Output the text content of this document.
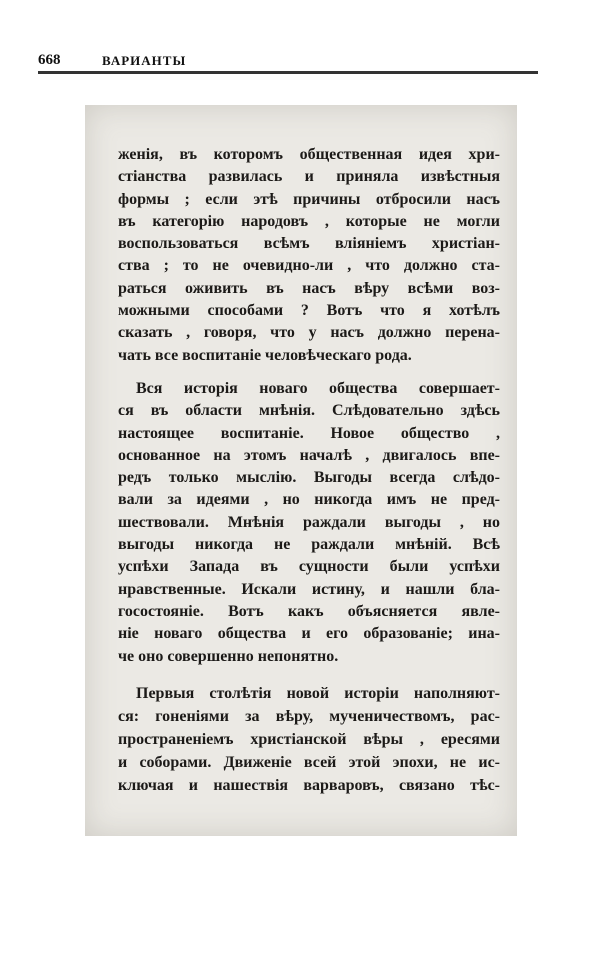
668	ВАРИАНТЫ
женія, въ которомъ общественная идея хри-
стіанства развилась и приняла извѣстныя
формы ; если этѣ причины отбросили насъ
въ категорію народовъ , которые не могли
воспользоваться всѣмъ вліяніемъ христіан-
ства ; то не очевидно-ли , что должно ста-
раться оживить въ насъ вѣру всѣми воз-
можными способами ? Вотъ что я хотѣлъ
сказать , говоря, что у насъ должно перена-
чать все воспитаніе человѣческаго рода.
Вся исторія новаго общества совершает-
ся въ области мнѣнія. Слѣдовательно здѣсь
настоящее воспитаніе. Новое общество ,
основанное на этомъ началѣ , двигалось впе-
редъ только мыслію. Выгоды всегда слѣдо-
вали за идеями , но никогда имъ не пред-
шествовали. Мнѣнія раждали выгоды , но
выгоды никогда не раждали мнѣній. Всѣ
успѣхи Запада въ сущности были успѣхи
нравственные. Искали истину, и нашли бла-
госостояніе. Вотъ какъ объясняется явле-
ніе новаго общества и его образованіе; ина-
че оно совершенно непонятно.
Первыя столѣтія новой исторіи наполняют-
ся: гоненіями за вѣру, мученичествомъ, рас-
пространеніемъ христіанской вѣры , ересями
и соборами. Движеніе всей этой эпохи, не ис-
ключая и нашествія варваровъ, связано тѣс-
